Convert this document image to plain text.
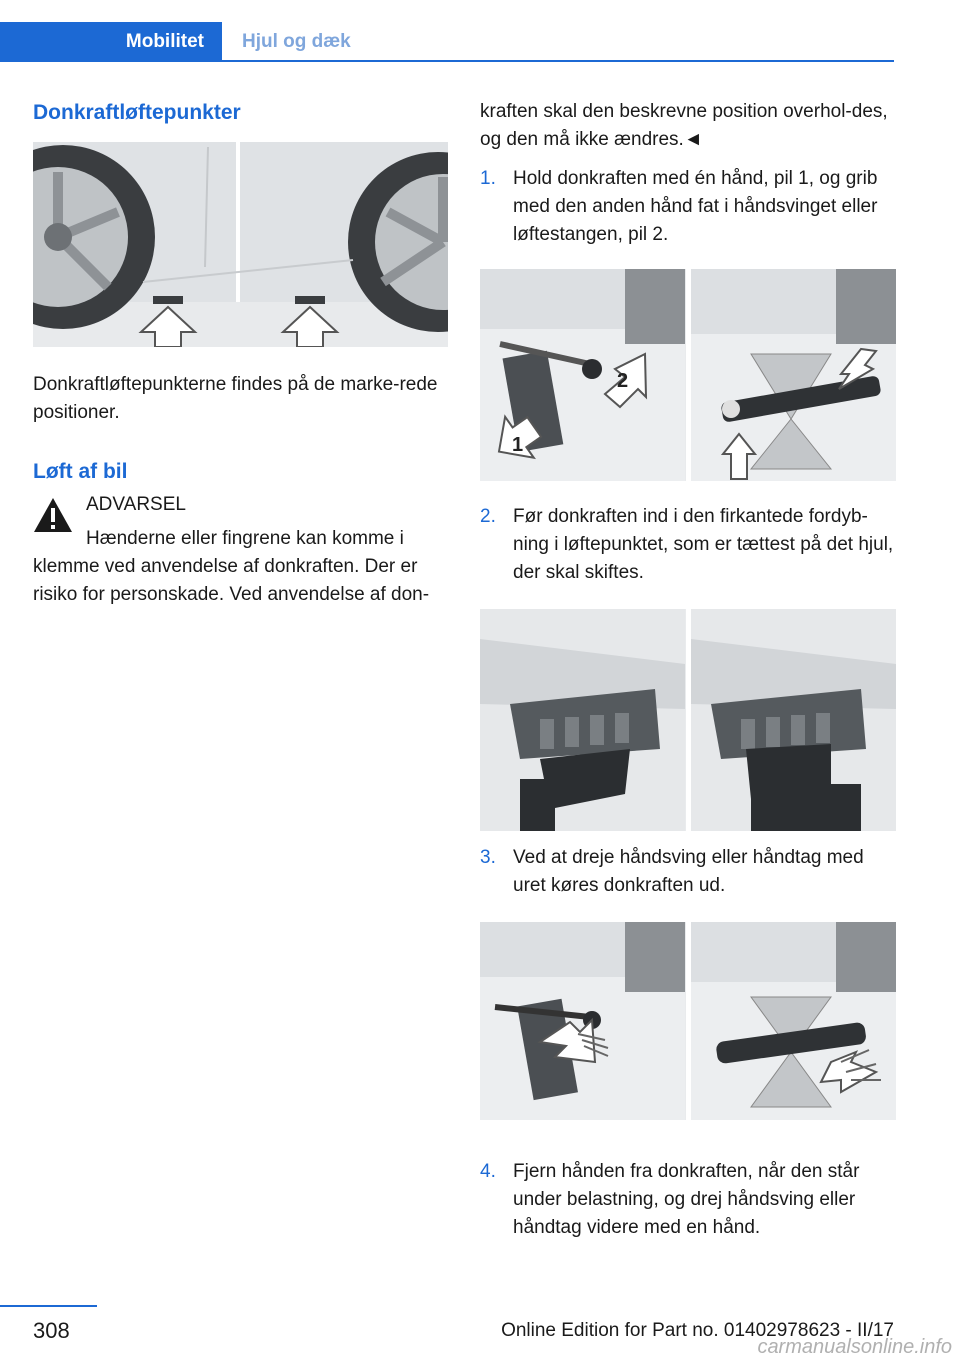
Mobilitet Hjul og dæk
Donkraftløftepunkter

Donkraftløftepunkterne findes på de marke-rede positioner.

Løft af bil
ADVARSEL
Hænderne eller fingrene kan komme i klemme ved anvendelse af donkraften. Der er risiko for personskade. Ved anvendelse af don-

kraften skal den beskrevne position overhol-des, og den må ikke ændres.◄

1. Hold donkraften med én hånd, pil 1, og grib med den anden hånd fat i håndsvinget eller løftestangen, pil 2.
1
2
2. Før donkraften ind i den firkantede fordyb-ning i løftepunktet, som er tættest på det hjul, der skal skiftes.
3. Ved at dreje håndsving eller håndtag med uret køres donkraften ud.
4. Fjern hånden fra donkraften, når den står under belastning, og drej håndsving eller håndtag videre med en hånd.
308	Online Edition for Part no. 01402978623 - II/17
carmanualsonline.info
